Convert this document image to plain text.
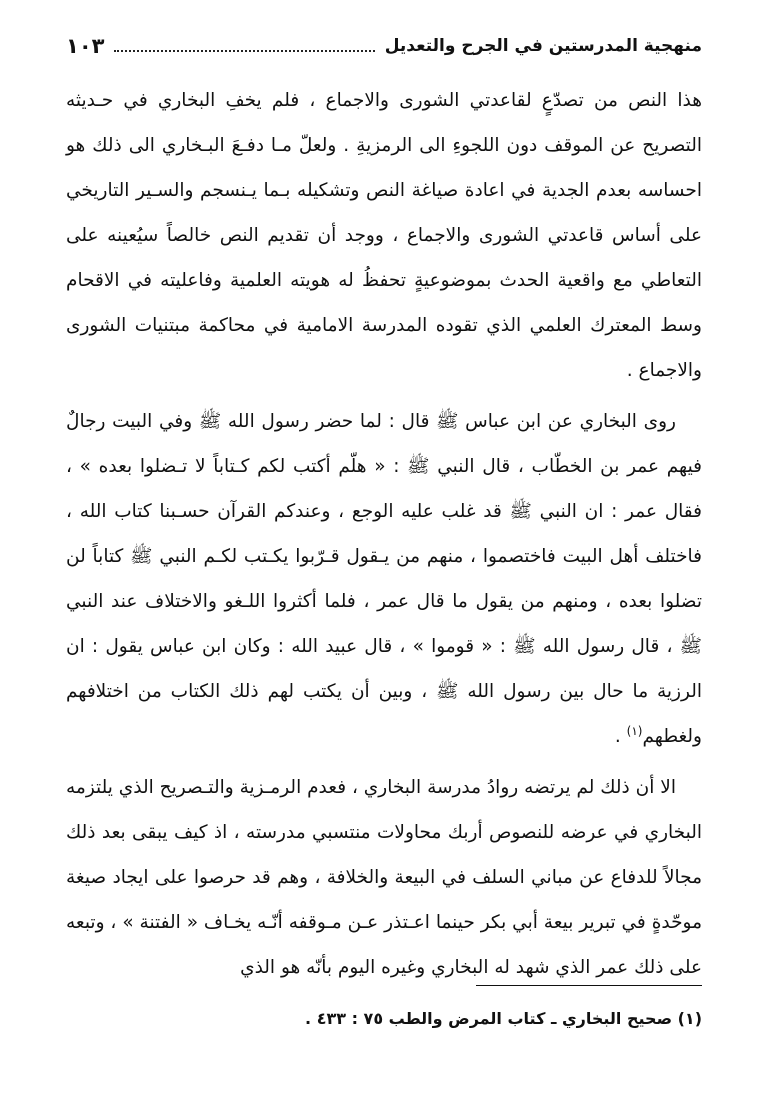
منهجية المدرستين في الجرح والتعديل
١٠٣

هذا النص من تصدّعٍ لقاعدتي الشورى والاجماع ، فلم يخفِ البخاري في حـديثه التصريح عن الموقف دون اللجوءِ الى الرمزيةِ . ولعلّ مـا دفـعَ البـخاري الى ذلك هو احساسه بعدم الجدية في اعادة صياغة النص وتشكيله بـما يـنسجم والسـير التاريخي على أساس قاعدتي الشورى والاجماع ، ووجد أن تقديم النص خالصاً سيُعينه على التعاطي مع واقعية الحدث بموضوعيةٍ تحفظُ له هويته العلمية وفاعليته في الاقحام وسط المعترك العلمي الذي تقوده المدرسة الامامية في محاكمة مبتنيات الشورى والاجماع .

روى البخاري عن ابن عباس ﷺ قال : لما حضر رسول الله ﷺ وفي البيت رجالٌ فيهم عمر بن الخطّاب ، قال النبي ﷺ : « هلّم أكتب لكم كـتاباً لا تـضلوا بعده » ، فقال عمر : ان النبي ﷺ قد غلب عليه الوجع ، وعندكم القرآن حسـبنا كتاب الله ، فاختلف أهل البيت فاختصموا ، منهم من يـقول قـرّبوا يكـتب لكـم النبي ﷺ كتاباً لن تضلوا بعده ، ومنهم من يقول ما قال عمر ، فلما أكثروا اللـغو والاختلاف عند النبي ﷺ ، قال رسول الله ﷺ : « قوموا » ، قال عبيد الله : وكان ابن عباس يقول : ان الرزية ما حال بين رسول الله ﷺ ، وبين أن يكتب لهم ذلك الكتاب من اختلافهم ولغطهم$^{(١)}$ .

الا أن ذلك لم يرتضه روادُ مدرسة البخاري ، فعدم الرمـزية والتـصريح الذي يلتزمه البخاري في عرضه للنصوص أربك محاولات منتسبي مدرسته ، اذ كيف يبقى بعد ذلك مجالاً للدفاع عن مباني السلف في البيعة والخلافة ، وهم قد حرصوا على ايجاد صيغة موحّدةٍ في تبرير بيعة أبي بكر حينما اعـتذر عـن مـوقفه أنّـه يخـاف « الفتنة » ، وتبعه على ذلك عمر الذي شهد له البخاري وغيره اليوم بأنّه هو الذي

(١) صحيح البخاري ـ كتاب المرض والطب ٧٥ : ٤٣٣ .
